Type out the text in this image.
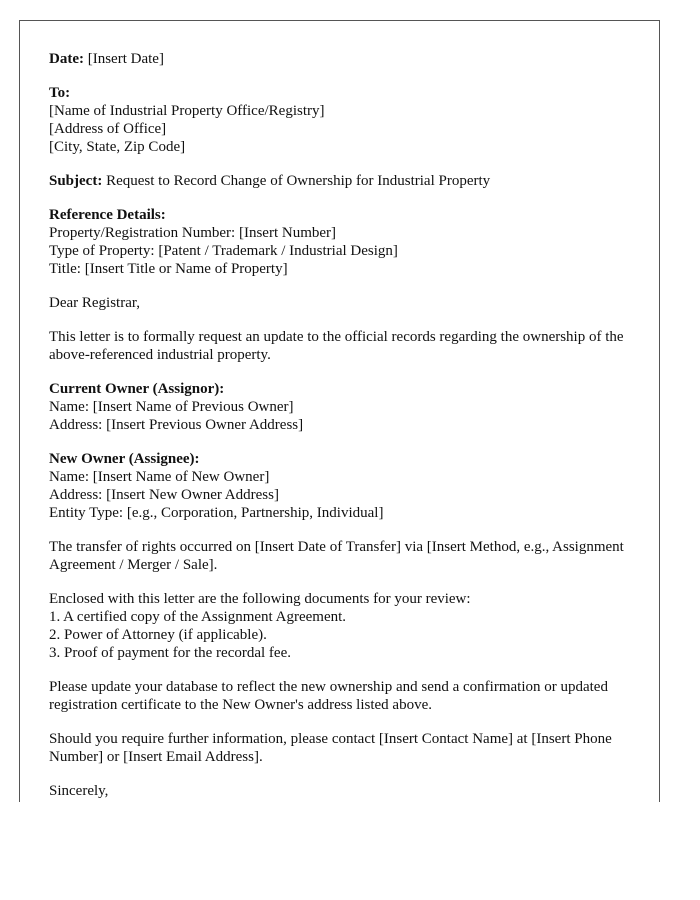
Date: [Insert Date]
To:
[Name of Industrial Property Office/Registry]
[Address of Office]
[City, State, Zip Code]
Subject: Request to Record Change of Ownership for Industrial Property
Reference Details:
Property/Registration Number: [Insert Number]
Type of Property: [Patent / Trademark / Industrial Design]
Title: [Insert Title or Name of Property]
Dear Registrar,
This letter is to formally request an update to the official records regarding the ownership of the above-referenced industrial property.
Current Owner (Assignor):
Name: [Insert Name of Previous Owner]
Address: [Insert Previous Owner Address]
New Owner (Assignee):
Name: [Insert Name of New Owner]
Address: [Insert New Owner Address]
Entity Type: [e.g., Corporation, Partnership, Individual]
The transfer of rights occurred on [Insert Date of Transfer] via [Insert Method, e.g., Assignment Agreement / Merger / Sale].
Enclosed with this letter are the following documents for your review:
1. A certified copy of the Assignment Agreement.
2. Power of Attorney (if applicable).
3. Proof of payment for the recordal fee.
Please update your database to reflect the new ownership and send a confirmation or updated registration certificate to the New Owner's address listed above.
Should you require further information, please contact [Insert Contact Name] at [Insert Phone Number] or [Insert Email Address].
Sincerely,
